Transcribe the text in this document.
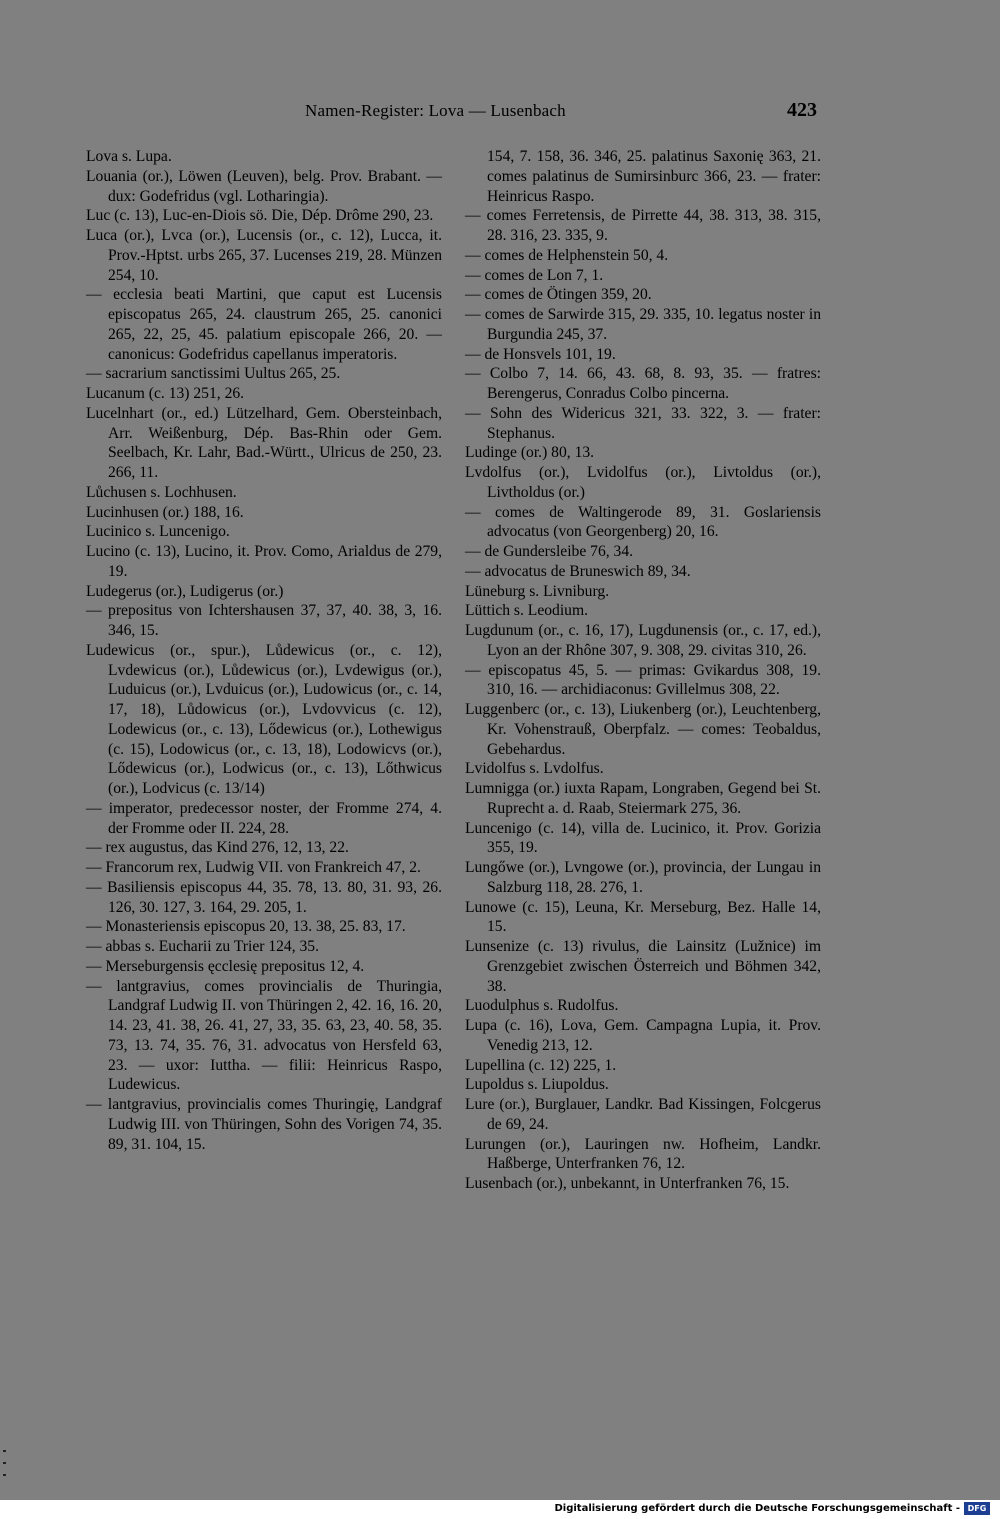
Namen-Register: Lova — Lusenbach	423

Lova s. Lupa.

Louania (or.), Löwen (Leuven), belg. Prov. Brabant. — dux: Godefridus (vgl. Lotharingia).

Luc (c. 13), Luc-en-Diois sö. Die, Dép. Drôme 290, 23.

Luca (or.), Lvca (or.), Lucensis (or., c. 12), Lucca, it. Prov.-Hptst. urbs 265, 37. Lucenses 219, 28. Münzen 254, 10.

— ecclesia beati Martini, que caput est Lucensis episcopatus 265, 24. claustrum 265, 25. canonici 265, 22, 25, 45. palatium episcopale 266, 20. — canonicus: Godefridus capellanus imperatoris.

— sacrarium sanctissimi Uultus 265, 25.

Lucanum (c. 13) 251, 26.

Lucelnhart (or., ed.) Lützelhard, Gem. Obersteinbach, Arr. Weißenburg, Dép. Bas-Rhin oder Gem. Seelbach, Kr. Lahr, Bad.-Württ., Ulricus de 250, 23. 266, 11.

Lůchusen s. Lochhusen.

Lucinhusen (or.) 188, 16.

Lucinico s. Luncenigo.

Lucino (c. 13), Lucino, it. Prov. Como, Arialdus de 279, 19.

Ludegerus (or.), Ludigerus (or.)

— prepositus von Ichtershausen 37, 37, 40. 38, 3, 16. 346, 15.

Ludewicus (or., spur.), Lůdewicus (or., c. 12), Lvdewicus (or.), Lůdewicus (or.), Lvdewigus (or.), Luduicus (or.), Lvduicus (or.), Ludowicus (or., c. 14, 17, 18), Lůdowicus (or.), Lvdovvicus (c. 12), Lodewicus (or., c. 13), Lődewicus (or.), Lothewigus (c. 15), Lodowicus (or., c. 13, 18), Lodowicvs (or.), Lődewicus (or.), Lodwicus (or., c. 13), Lőthwicus (or.), Lodvicus (c. 13/14)

— imperator, predecessor noster, der Fromme 274, 4. der Fromme oder II. 224, 28.

— rex augustus, das Kind 276, 12, 13, 22.

— Francorum rex, Ludwig VII. von Frankreich 47, 2.

— Basiliensis episcopus 44, 35. 78, 13. 80, 31. 93, 26. 126, 30. 127, 3. 164, 29. 205, 1.

— Monasteriensis episcopus 20, 13. 38, 25. 83, 17.

— abbas s. Eucharii zu Trier 124, 35.

— Merseburgensis ęcclesię prepositus 12, 4.

— lantgravius, comes provincialis de Thuringia, Landgraf Ludwig II. von Thüringen 2, 42. 16, 16. 20, 14. 23, 41. 38, 26. 41, 27, 33, 35. 63, 23, 40. 58, 35. 73, 13. 74, 35. 76, 31. advocatus von Hersfeld 63, 23. — uxor: Iuttha. — filii: Heinricus Raspo, Ludewicus.

— lantgravius, provincialis comes Thuringię, Landgraf Ludwig III. von Thüringen, Sohn des Vorigen 74, 35. 89, 31. 104, 15.

154, 7. 158, 36. 346, 25. palatinus Saxonię 363, 21. comes palatinus de Sumirsinburc 366, 23. — frater: Heinricus Raspo.

— comes Ferretensis, de Pirrette 44, 38. 313, 38. 315, 28. 316, 23. 335, 9.

— comes de Helphenstein 50, 4.

— comes de Lon 7, 1.

— comes de Ötingen 359, 20.

— comes de Sarwirde 315, 29. 335, 10. legatus noster in Burgundia 245, 37.

— de Honsvels 101, 19.

— Colbo 7, 14. 66, 43. 68, 8. 93, 35. — fratres: Berengerus, Conradus Colbo pincerna.

— Sohn des Widericus 321, 33. 322, 3. — frater: Stephanus.

Ludinge (or.) 80, 13.

Lvdolfus (or.), Lvidolfus (or.), Livtoldus (or.), Livtholdus (or.)

— comes de Waltingerode 89, 31. Goslariensis advocatus (von Georgenberg) 20, 16.

— de Gundersleibe 76, 34.

— advocatus de Bruneswich 89, 34.

Lüneburg s. Livniburg.

Lüttich s. Leodium.

Lugdunum (or., c. 16, 17), Lugdunensis (or., c. 17, ed.), Lyon an der Rhône 307, 9. 308, 29. civitas 310, 26.

— episcopatus 45, 5. — primas: Gvikardus 308, 19. 310, 16. — archidiaconus: Gvillelmus 308, 22.

Luggenberc (or., c. 13), Liukenberg (or.), Leuchtenberg, Kr. Vohenstrauß, Oberpfalz. — comes: Teobaldus, Gebehardus.

Lvidolfus s. Lvdolfus.

Lumnigga (or.) iuxta Rapam, Longraben, Gegend bei St. Ruprecht a. d. Raab, Steiermark 275, 36.

Luncenigo (c. 14), villa de. Lucinico, it. Prov. Gorizia 355, 19.

Lungőwe (or.), Lvngowe (or.), provincia, der Lungau in Salzburg 118, 28. 276, 1.

Lunowe (c. 15), Leuna, Kr. Merseburg, Bez. Halle 14, 15.

Lunsenize (c. 13) rivulus, die Lainsitz (Lužnice) im Grenzgebiet zwischen Österreich und Böhmen 342, 38.

Luodulphus s. Rudolfus.

Lupa (c. 16), Lova, Gem. Campagna Lupia, it. Prov. Venedig 213, 12.

Lupellina (c. 12) 225, 1.

Lupoldus s. Liupoldus.

Lure (or.), Burglauer, Landkr. Bad Kissingen, Folcgerus de 69, 24.

Lurungen (or.), Lauringen nw. Hofheim, Landkr. Haßberge, Unterfranken 76, 12.

Lusenbach (or.), unbekannt, in Unterfranken 76, 15.

Digitalisierung gefördert durch die Deutsche Forschungsgemeinschaft - DFG
